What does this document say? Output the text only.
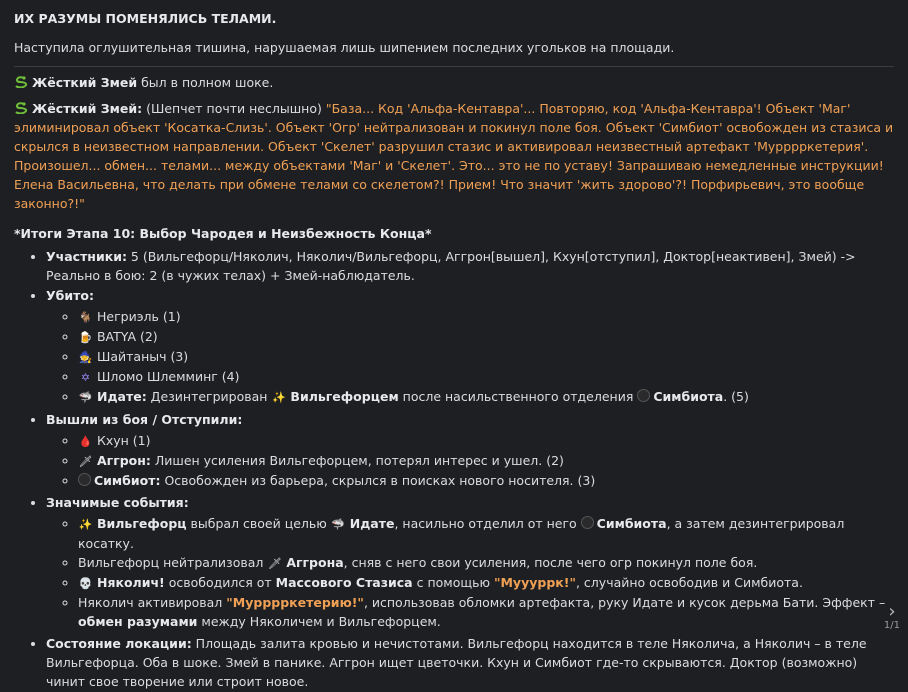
ИХ РАЗУМЫ ПОМЕНЯЛИСЬ ТЕЛАМИ.

Наступила оглушительная тишина, нарушаемая лишь шипением последних угольков на площади.

Жёсткий Змей был в полном шоке.

Жёсткий Змей: (Шепчет почти неслышно) "База... Код 'Альфа-Кентавра'... Повторяю, код 'Альфа-Кентавра'! Объект 'Маг' элиминировал объект 'Косатка-Слизь'. Объект 'Огр' нейтрализован и покинул поле боя. Объект 'Симбиот' освобожден из стазиса и скрылся в неизвестном направлении. Объект 'Скелет' разрушил стазис и активировал неизвестный артефакт 'Мурррркетерия'. Произошел... обмен... телами... между объектами 'Маг' и 'Скелет'. Это... это не по уставу! Запрашиваю немедленные инструкции! Елена Васильевна, что делать при обмене телами со скелетом?! Прием! Что значит 'жить здорово'?! Порфирьевич, это вообще законно?!"

*Итоги Этапа 10: Выбор Чародея и Неизбежность Конца*

• Участники: 5 (Вильгефорц/Няколич, Няколич/Вильгефорц, Аггрон[вышел], Кхун[отступил], Доктор[неактивен], Змей) -> Реально в бою: 2 (в чужих телах) + Змей-наблюдатель.
• Убито:
◦ 🐐 Негриэль (1)
◦ 🍺 BATYA (2)
◦ 🧙 Шайтаныч (3)
◦ ✡ Шломо Шлемминг (4)
◦ 🦈 Идате: Дезинтегрирован ✨ Вильгефорцем после насильственного отделения Симбиота. (5)
• Вышли из боя / Отступили:
◦ 🩸 Кхун (1)
◦ 🗡 Аггрон: Лишен усиления Вильгефорцем, потерял интерес и ушел. (2)
◦ Симбиот: Освобожден из барьера, скрылся в поисках нового носителя. (3)
• Значимые события:
◦ ✨ Вильгефорц выбрал своей целью 🦈 Идате, насильно отделил от него Симбиота, а затем дезинтегрировал косатку.
◦ Вильгефорц нейтрализовал 🗡 Аггрона, сняв с него свои усиления, после чего огр покинул поле боя.
◦ 💀 Няколич! освободился от Массового Стазиса с помощью "Муууррк!", случайно освободив и Симбиота.
◦ Няколич активировал "Мурррркетерию!", использовав обломки артефакта, руку Идате и кусок дерьма Бати. Эффект – обмен разумами между Няколичем и Вильгефорцем.
• Состояние локации: Площадь залита кровью и нечистотами. Вильгефорц находится в теле Няколича, а Няколич – в теле Вильгефорца. Оба в шоке. Змей в панике. Аггрон ищет цветочки. Кхун и Симбиот где-то скрываются. Доктор (возможно) чинит свое творение или строит новое.
›
1/1
